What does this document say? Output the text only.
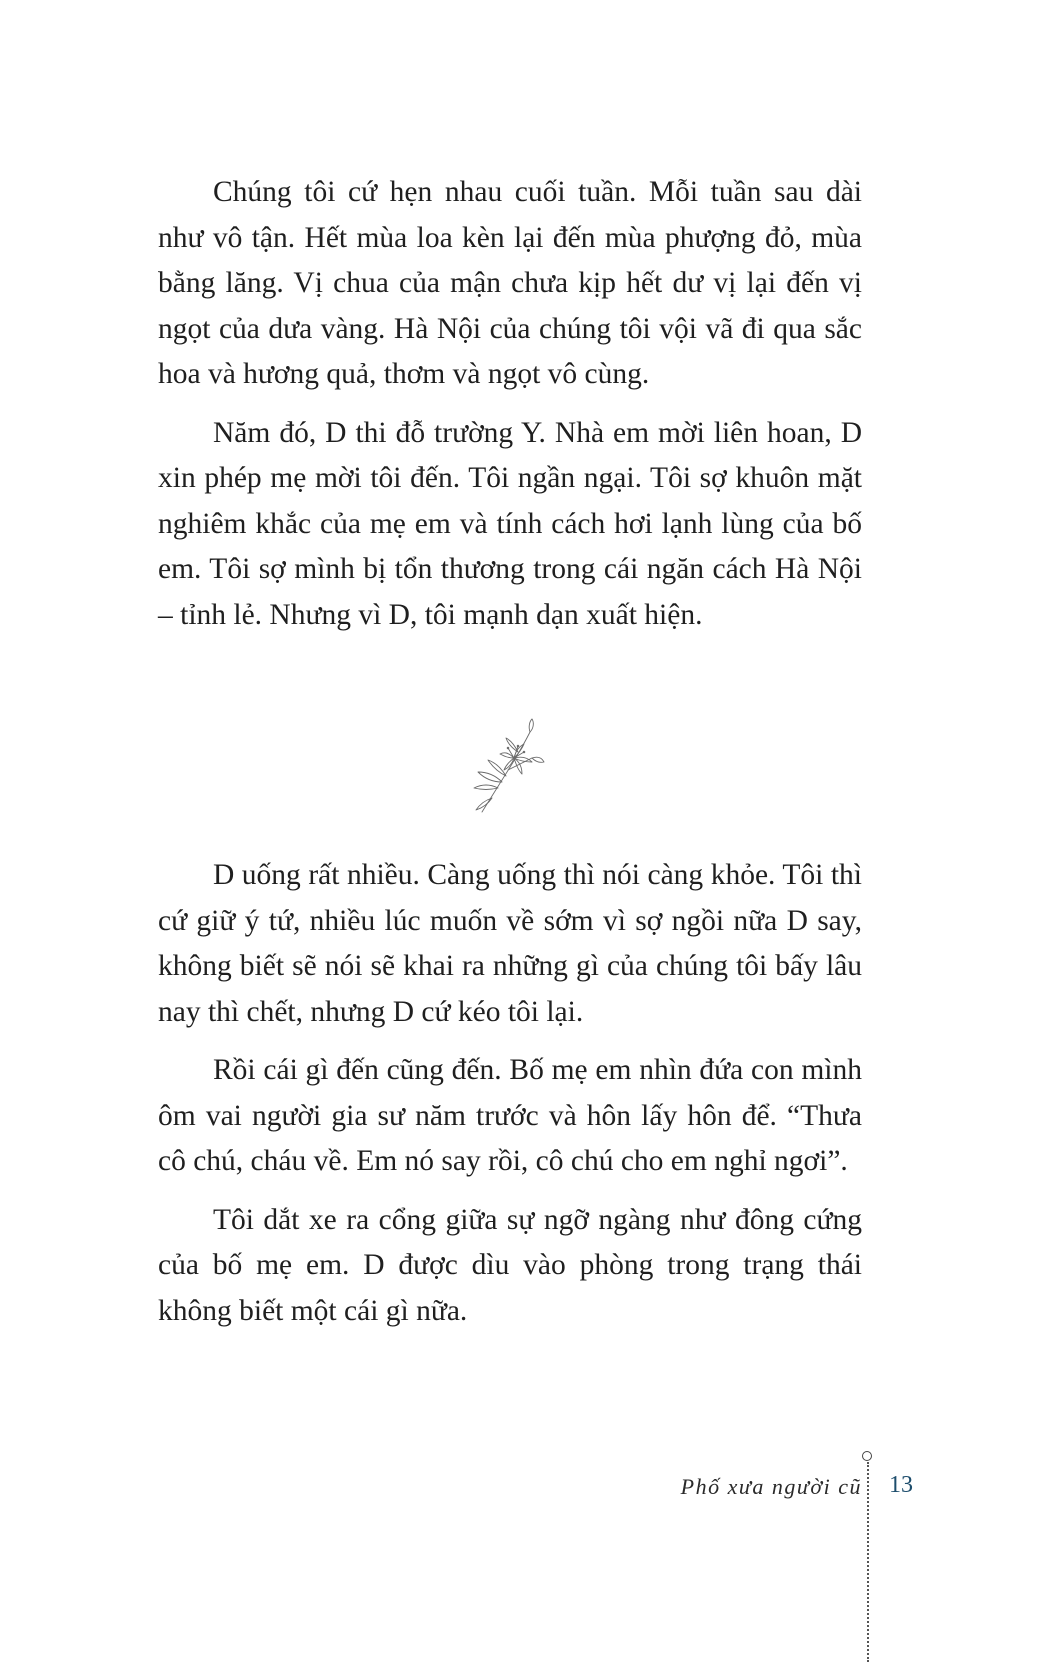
Chúng tôi cứ hẹn nhau cuối tuần. Mỗi tuần sau dài như vô tận. Hết mùa loa kèn lại đến mùa phượng đỏ, mùa bằng lăng. Vị chua của mận chưa kịp hết dư vị lại đến vị ngọt của dưa vàng. Hà Nội của chúng tôi vội vã đi qua sắc hoa và hương quả, thơm và ngọt vô cùng.

Năm đó, D thi đỗ trường Y. Nhà em mời liên hoan, D xin phép mẹ mời tôi đến. Tôi ngần ngại. Tôi sợ khuôn mặt nghiêm khắc của mẹ em và tính cách hơi lạnh lùng của bố em. Tôi sợ mình bị tổn thương trong cái ngăn cách Hà Nội – tỉnh lẻ. Nhưng vì D, tôi mạnh dạn xuất hiện.

D uống rất nhiều. Càng uống thì nói càng khỏe. Tôi thì cứ giữ ý tứ, nhiều lúc muốn về sớm vì sợ ngồi nữa D say, không biết sẽ nói sẽ khai ra những gì của chúng tôi bấy lâu nay thì chết, nhưng D cứ kéo tôi lại.

Rồi cái gì đến cũng đến. Bố mẹ em nhìn đứa con mình ôm vai người gia sư năm trước và hôn lấy hôn để. “Thưa cô chú, cháu về. Em nó say rồi, cô chú cho em nghỉ ngơi”.

Tôi dắt xe ra cổng giữa sự ngỡ ngàng như đông cứng của bố mẹ em. D được dìu vào phòng trong trạng thái không biết một cái gì nữa.

Phố xưa người cũ 13
